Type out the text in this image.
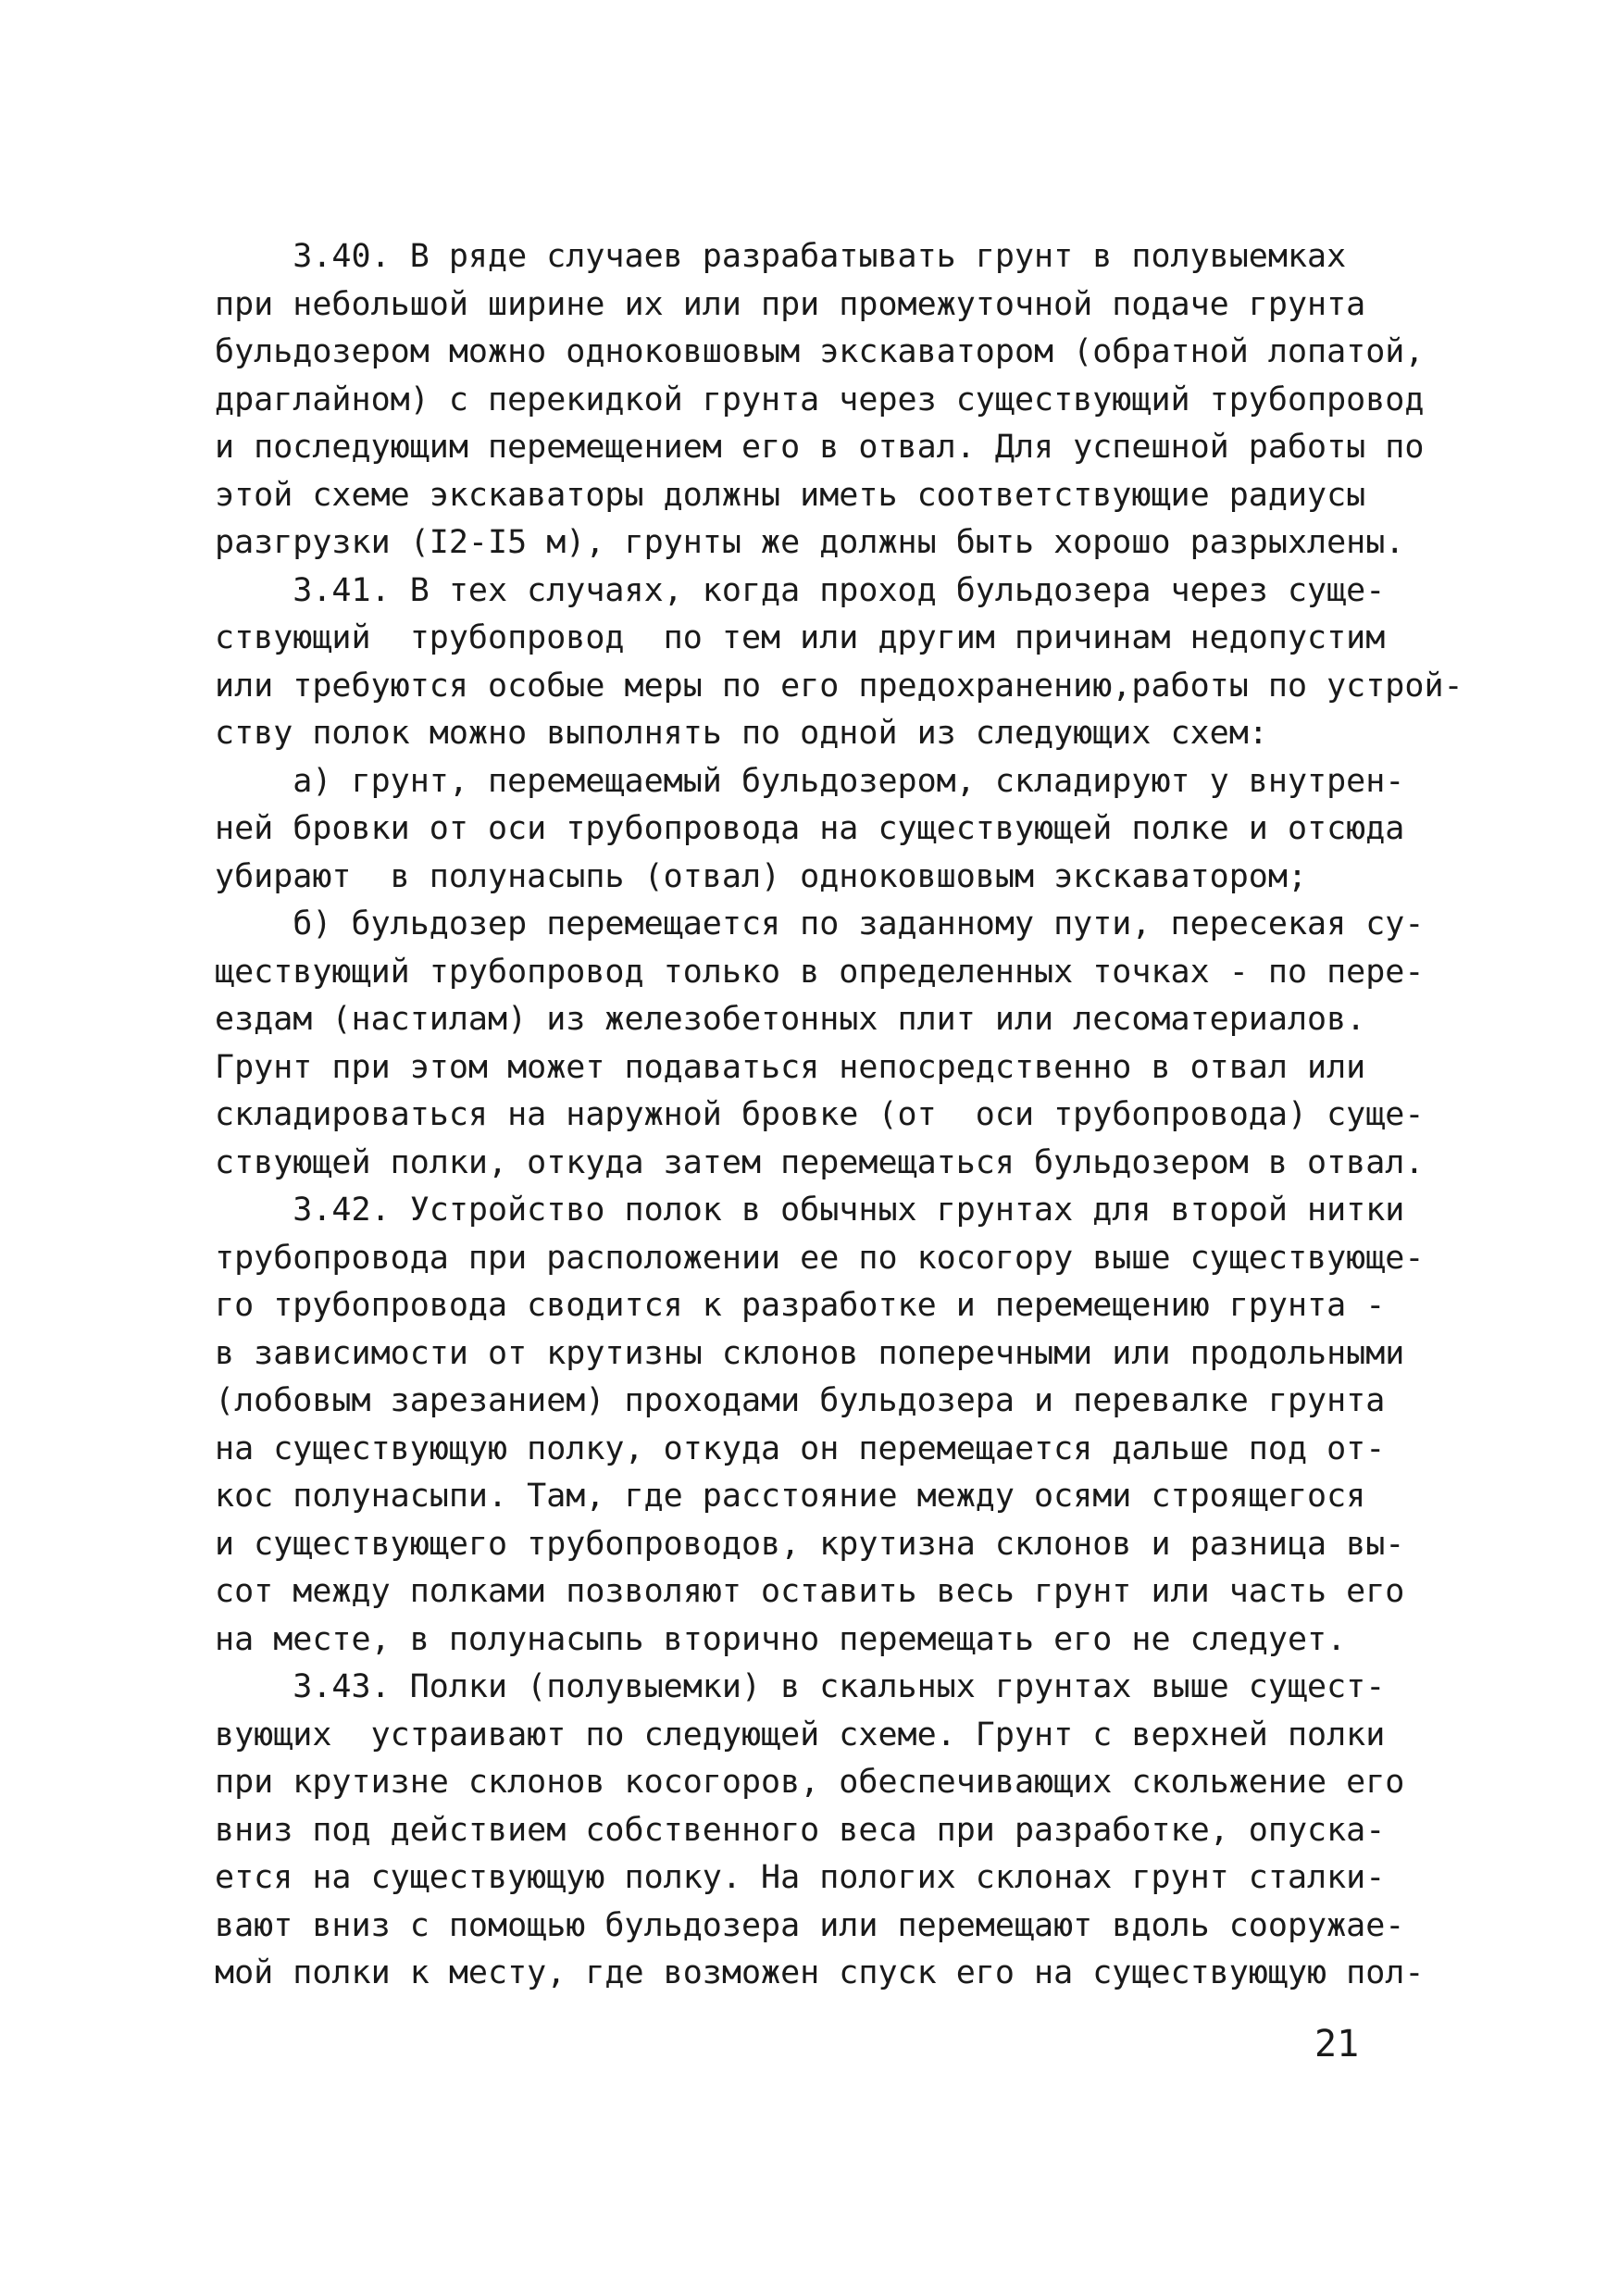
3.40. В ряде случаев разрабатывать грунт в полувыемках
при небольшой ширине их или при промежуточной подаче грунта
бульдозером можно одноковшовым экскаватором (обратной лопатой,
драглайном) с перекидкой грунта через существующий трубопровод
и последующим перемещением его в отвал. Для успешной работы по
этой схеме экскаваторы должны иметь соответствующие радиусы
разгрузки (I2-I5 м), грунты же должны быть хорошо разрыхлены.
3.41. В тех случаях, когда проход бульдозера через суще-
ствующий  трубопровод  по тем или другим причинам недопустим
или требуются особые меры по его предохранению,работы по устрой-
ству полок можно выполнять по одной из следующих схем:
а) грунт, перемещаемый бульдозером, складируют у внутрен-
ней бровки от оси трубопровода на существующей полке и отсюда
убирают  в полунасыпь (отвал) одноковшовым экскаватором;
б) бульдозер перемещается по заданному пути, пересекая су-
ществующий трубопровод только в определенных точках - по пере-
ездам (настилам) из железобетонных плит или лесоматериалов.
Грунт при этом может подаваться непосредственно в отвал или
складироваться на наружной бровке (от  оси трубопровода) суще-
ствующей полки, откуда затем перемещаться бульдозером в отвал.
3.42. Устройство полок в обычных грунтах для второй нитки
трубопровода при расположении ее по косогору выше существующе-
го трубопровода сводится к разработке и перемещению грунта -
в зависимости от крутизны склонов поперечными или продольными
(лобовым зарезанием) проходами бульдозера и перевалке грунта
на существующую полку, откуда он перемещается дальше под от-
кос полунасыпи. Там, где расстояние между осями строящегося
и существующего трубопроводов, крутизна склонов и разница вы-
сот между полками позволяют оставить весь грунт или часть его
на месте, в полунасыпь вторично перемещать его не следует.
3.43. Полки (полувыемки) в скальных грунтах выше сущест-
вующих  устраивают по следующей схеме. Грунт с верхней полки
при крутизне склонов косогоров, обеспечивающих скольжение его
вниз под действием собственного веса при разработке, опуска-
ется на существующую полку. На пологих склонах грунт сталки-
вают вниз с помощью бульдозера или перемещают вдоль сооружае-
мой полки к месту, где возможен спуск его на существующую пол-
21
